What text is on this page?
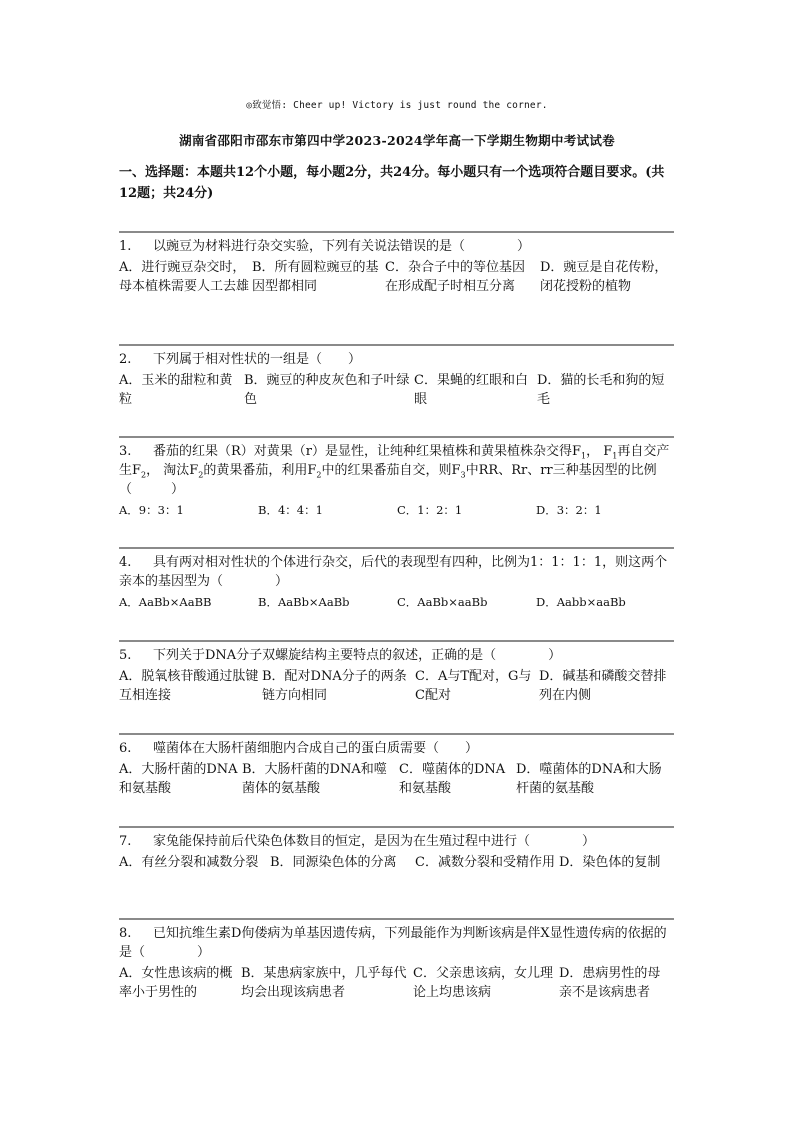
◎致觉悟: Cheer up! Victory is just round the corner.
湖南省邵阳市邵东市第四中学2023-2024学年高一下学期生物期中考试试卷
一、选择题：本题共12个小题，每小题2分，共24分。每小题只有一个选项符合题目要求。(共12题；共24分)
1. 以豌豆为材料进行杂交实验，下列有关说法错误的是（　　　　）
A．进行豌豆杂交时，母本植株需要人工去雄
B．所有圆粒豌豆的基因型都相同
C．杂合子中的等位基因在形成配子时相互分离
D．豌豆是自花传粉，闭花授粉的植物
2. 下列属于相对性状的一组是（　　）
A．玉米的甜粒和黄粒
B．豌豆的种皮灰色和子叶绿色
C．果蝇的红眼和白眼
D．猫的长毛和狗的短毛
3. 番茄的红果（R）对黄果（r）是显性，让纯种红果植株和黄果植株杂交得$F_1$， $F_1$再自交产生$F_2$， 淘汰$F_2$的黄果番茄，利用$F_2$中的红果番茄自交，则$F_3$中RR、Rr、rr三种基因型的比例（　　　）
A．9：3：1	B．4：4：1	C．1：2：1	D．3：2：1
4. 具有两对相对性状的个体进行杂交，后代的表现型有四种，比例为1：1：1：1，则这两个亲本的基因型为（　　　　）
A．AaBb×AaBB	B．AaBb×AaBb	C．AaBb×aaBb	D．Aabb×aaBb
5. 下列关于DNA分子双螺旋结构主要特点的叙述，正确的是（　　　　）
A．脱氧核苷酸通过肽键互相连接
B．配对DNA分子的两条链方向相同
C．A与T配对，G与C配对
D．碱基和磷酸交替排列在内侧
6. 噬菌体在大肠杆菌细胞内合成自己的蛋白质需要（　　）
A．大肠杆菌的DNA和氨基酸
B．大肠杆菌的DNA和噬菌体的氨基酸
C．噬菌体的DNA和氨基酸
D．噬菌体的DNA和大肠杆菌的氨基酸
7. 家兔能保持前后代染色体数目的恒定，是因为在生殖过程中进行（　　　　）
A．有丝分裂和减数分裂 B．同源染色体的分离	C．减数分裂和受精作用 D．染色体的复制
8. 已知抗维生素D佝偻病为单基因遗传病，下列最能作为判断该病是伴X显性遗传病的依据的是（　　　　）
A．女性患该病的概率小于男性的
B．某患病家族中，几乎每代均会出现该病患者
C．父亲患该病，女儿理论上均患该病
D．患病男性的母亲不是该病患者
